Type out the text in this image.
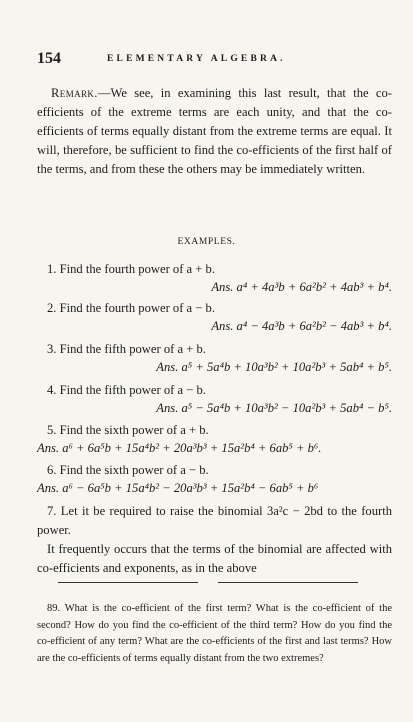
154	ELEMENTARY ALGEBRA.
Remark.—We see, in examining this last result, that the co-efficients of the extreme terms are each unity, and that the co-efficients of terms equally distant from the extreme terms are equal. It will, therefore, be sufficient to find the co-efficients of the first half of the terms, and from these the others may be immediately written.
EXAMPLES.
1. Find the fourth power of a + b.
Ans. a⁴ + 4a³b + 6a²b² + 4ab³ + b⁴.
2. Find the fourth power of a − b.
Ans. a⁴ − 4a³b + 6a²b² − 4ab³ + b⁴.
3. Find the fifth power of a + b.
Ans. a⁵ + 5a⁴b + 10a³b² + 10a²b³ + 5ab⁴ + b⁵.
4. Find the fifth power of a − b.
Ans. a⁵ − 5a⁴b + 10a³b² − 10a²b³ + 5ab⁴ − b⁵.
5. Find the sixth power of a + b.
Ans. a⁶ + 6a⁵b + 15a⁴b² + 20a³b³ + 15a²b⁴ + 6ab⁵ + b⁶.
6. Find the sixth power of a − b.
Ans. a⁶ − 6a⁵b + 15a⁴b² − 20a³b³ + 15a²b⁴ − 6ab⁵ + b⁶
7. Let it be required to raise the binomial 3a²c − 2bd to the fourth power.
It frequently occurs that the terms of the binomial are affected with co-efficients and exponents, as in the above
89. What is the co-efficient of the first term? What is the co-efficient of the second? How do you find the co-efficient of the third term? How do you find the co-efficient of any term? What are the co-efficients of the first and last terms? How are the co-efficients of terms equally distant from the two extremes?
